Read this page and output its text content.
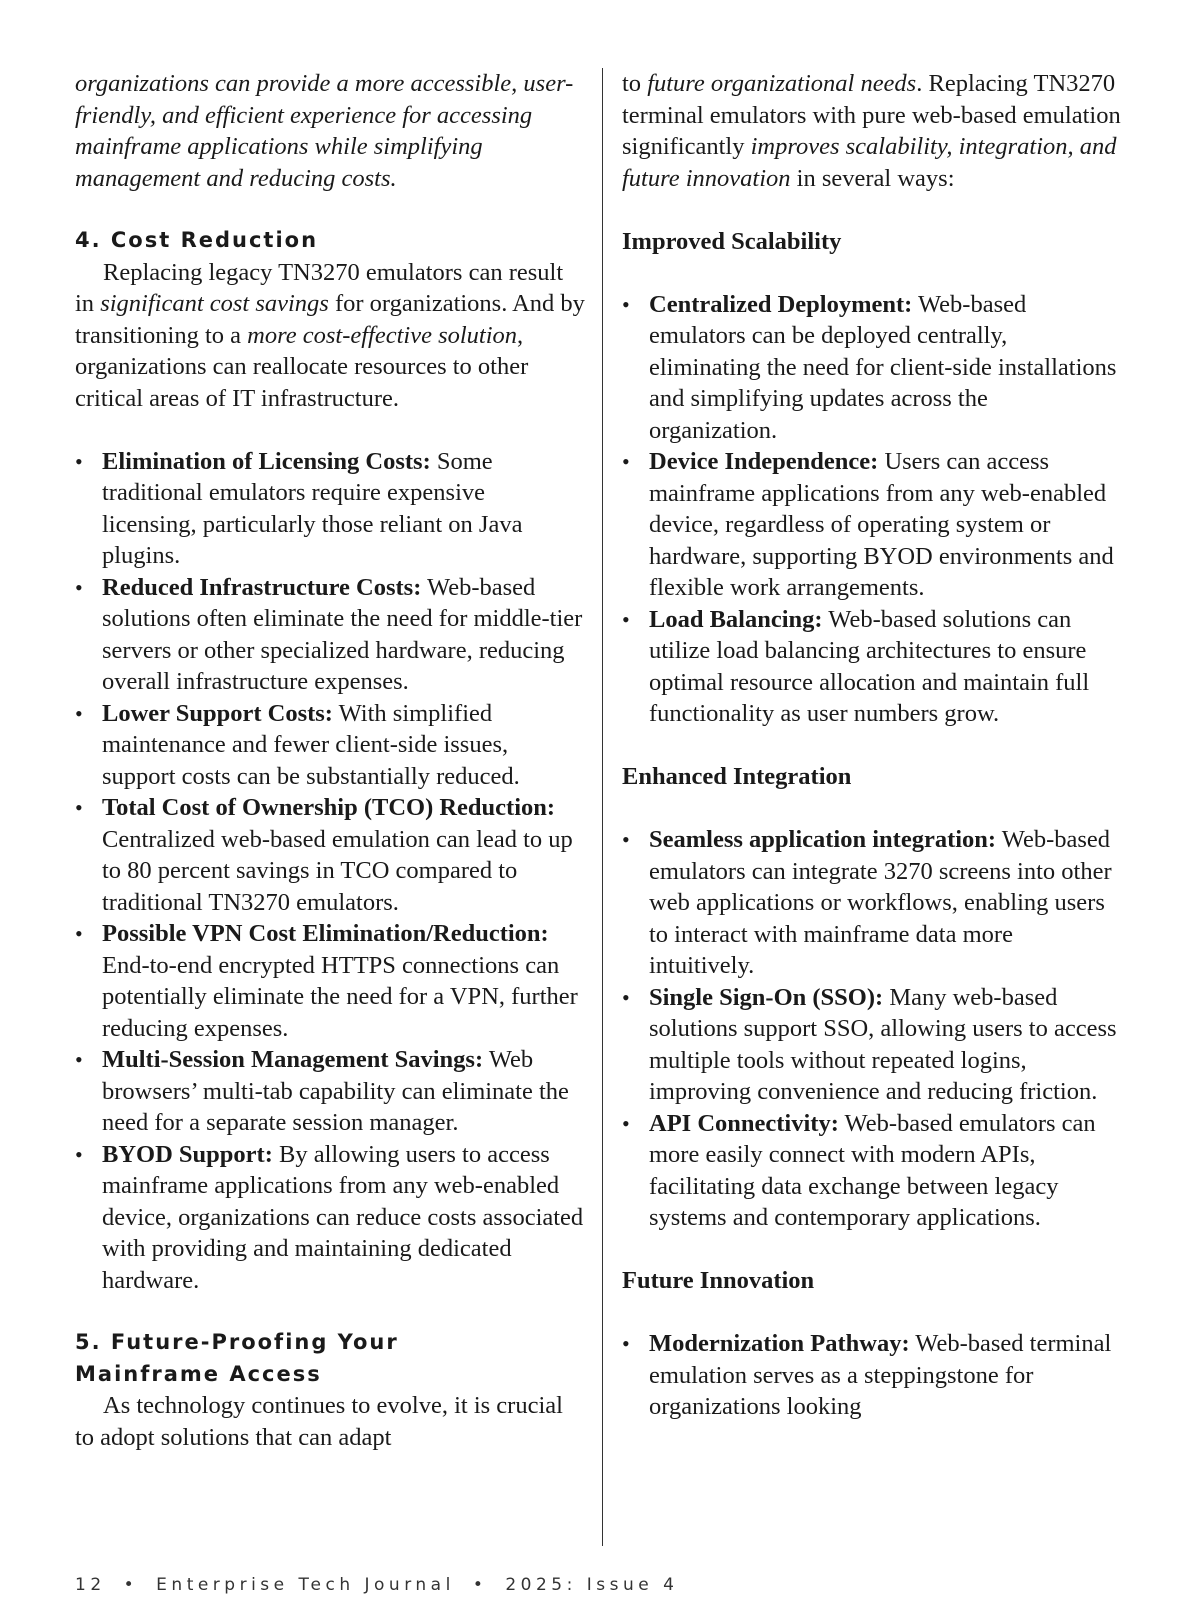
organizations can provide a more accessible, user-friendly, and efficient experience for accessing mainframe applications while simplifying management and reducing costs.

4. Cost Reduction

Replacing legacy TN3270 emulators can result in significant cost savings for organizations. And by transitioning to a more cost-effective solution, organizations can reallocate resources to other critical areas of IT infrastructure.

• Elimination of Licensing Costs: Some traditional emulators require expensive licensing, particularly those reliant on Java plugins.
• Reduced Infrastructure Costs: Web-based solutions often eliminate the need for middle-tier servers or other specialized hardware, reducing overall infrastructure expenses.
• Lower Support Costs: With simplified maintenance and fewer client-side issues, support costs can be substantially reduced.
• Total Cost of Ownership (TCO) Reduction: Centralized web-based emulation can lead to up to 80 percent savings in TCO compared to traditional TN3270 emulators.
• Possible VPN Cost Elimination/Reduction: End-to-end encrypted HTTPS connections can potentially eliminate the need for a VPN, further reducing expenses.
• Multi-Session Management Savings: Web browsers’ multi-tab capability can eliminate the need for a separate session manager.
• BYOD Support: By allowing users to access mainframe applications from any web-enabled device, organizations can reduce costs associated with providing and maintaining dedicated hardware.
5. Future-Proofing Your Mainframe Access

As technology continues to evolve, it is crucial to adopt solutions that can adapt

to future organizational needs. Replacing TN3270 terminal emulators with pure web-based emulation significantly improves scalability, integration, and future innovation in several ways:

Improved Scalability
• Centralized Deployment: Web-based emulators can be deployed centrally, eliminating the need for client-side installations and simplifying updates across the organization.
• Device Independence: Users can access mainframe applications from any web-enabled device, regardless of operating system or hardware, supporting BYOD environments and flexible work arrangements.
• Load Balancing: Web-based solutions can utilize load balancing architectures to ensure optimal resource allocation and maintain full functionality as user numbers grow.
Enhanced Integration
• Seamless application integration: Web-based emulators can integrate 3270 screens into other web applications or workflows, enabling users to interact with mainframe data more intuitively.
• Single Sign-On (SSO): Many web-based solutions support SSO, allowing users to access multiple tools without repeated logins, improving convenience and reducing friction.
• API Connectivity: Web-based emulators can more easily connect with modern APIs, facilitating data exchange between legacy systems and contemporary applications.
Future Innovation
• Modernization Pathway: Web-based terminal emulation serves as a steppingstone for organizations looking
12 • Enterprise Tech Journal • 2025: Issue 4
